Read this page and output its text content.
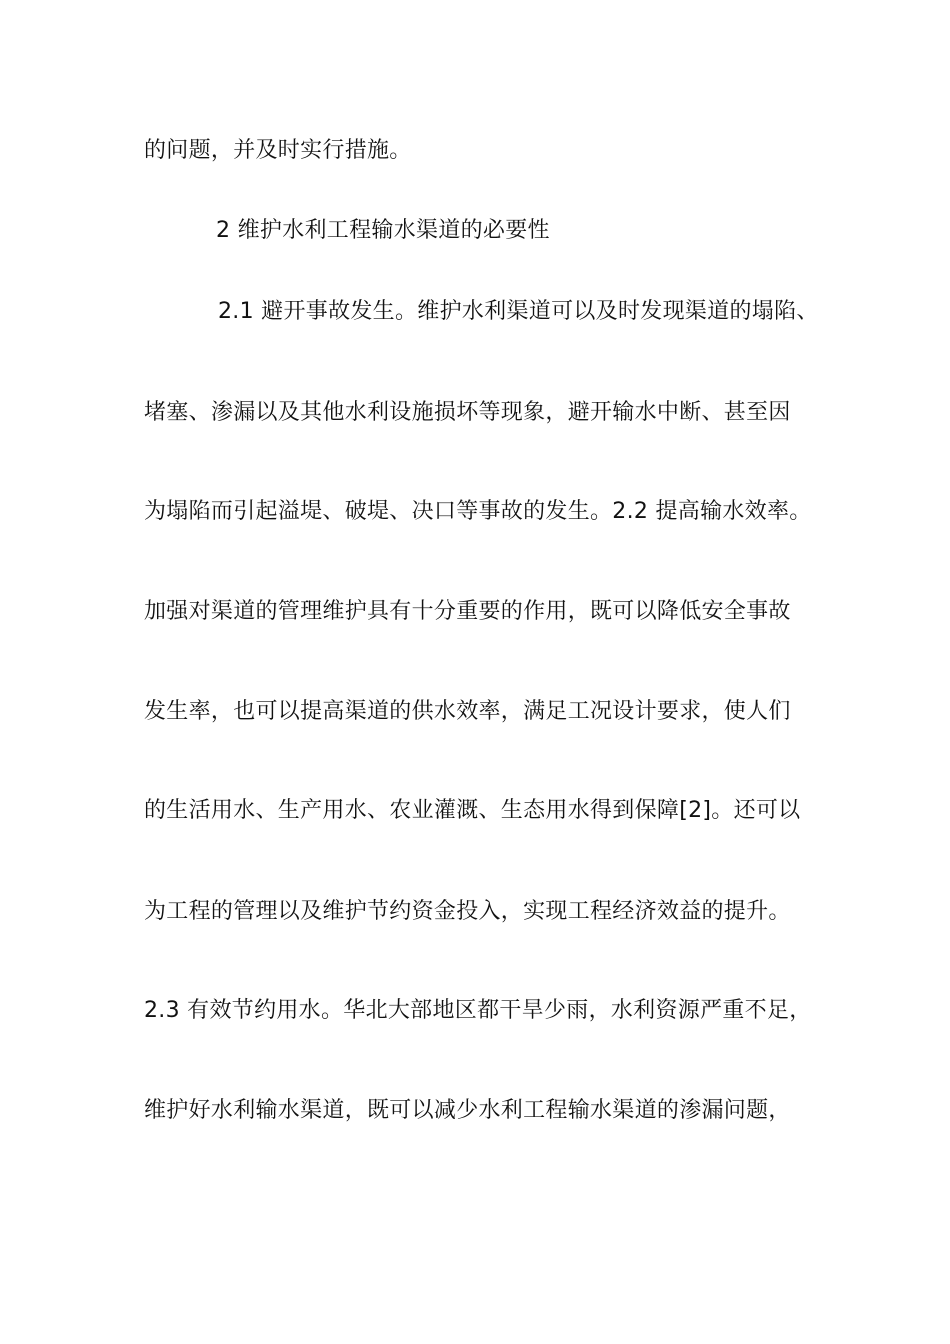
的问题，并及时实行措施。
2 维护水利工程输水渠道的必要性
2.1 避开事故发生。维护水利渠道可以及时发现渠道的塌陷、
堵塞、渗漏以及其他水利设施损坏等现象，避开输水中断、甚至因
为塌陷而引起溢堤、破堤、决口等事故的发生。2.2 提高输水效率。
加强对渠道的管理维护具有十分重要的作用，既可以降低安全事故
发生率，也可以提高渠道的供水效率，满足工况设计要求，使人们
的生活用水、生产用水、农业灌溉、生态用水得到保障[2]。还可以
为工程的管理以及维护节约资金投入，实现工程经济效益的提升。
2.3 有效节约用水。华北大部地区都干旱少雨，水利资源严重不足，
维护好水利输水渠道，既可以减少水利工程输水渠道的渗漏问题，
